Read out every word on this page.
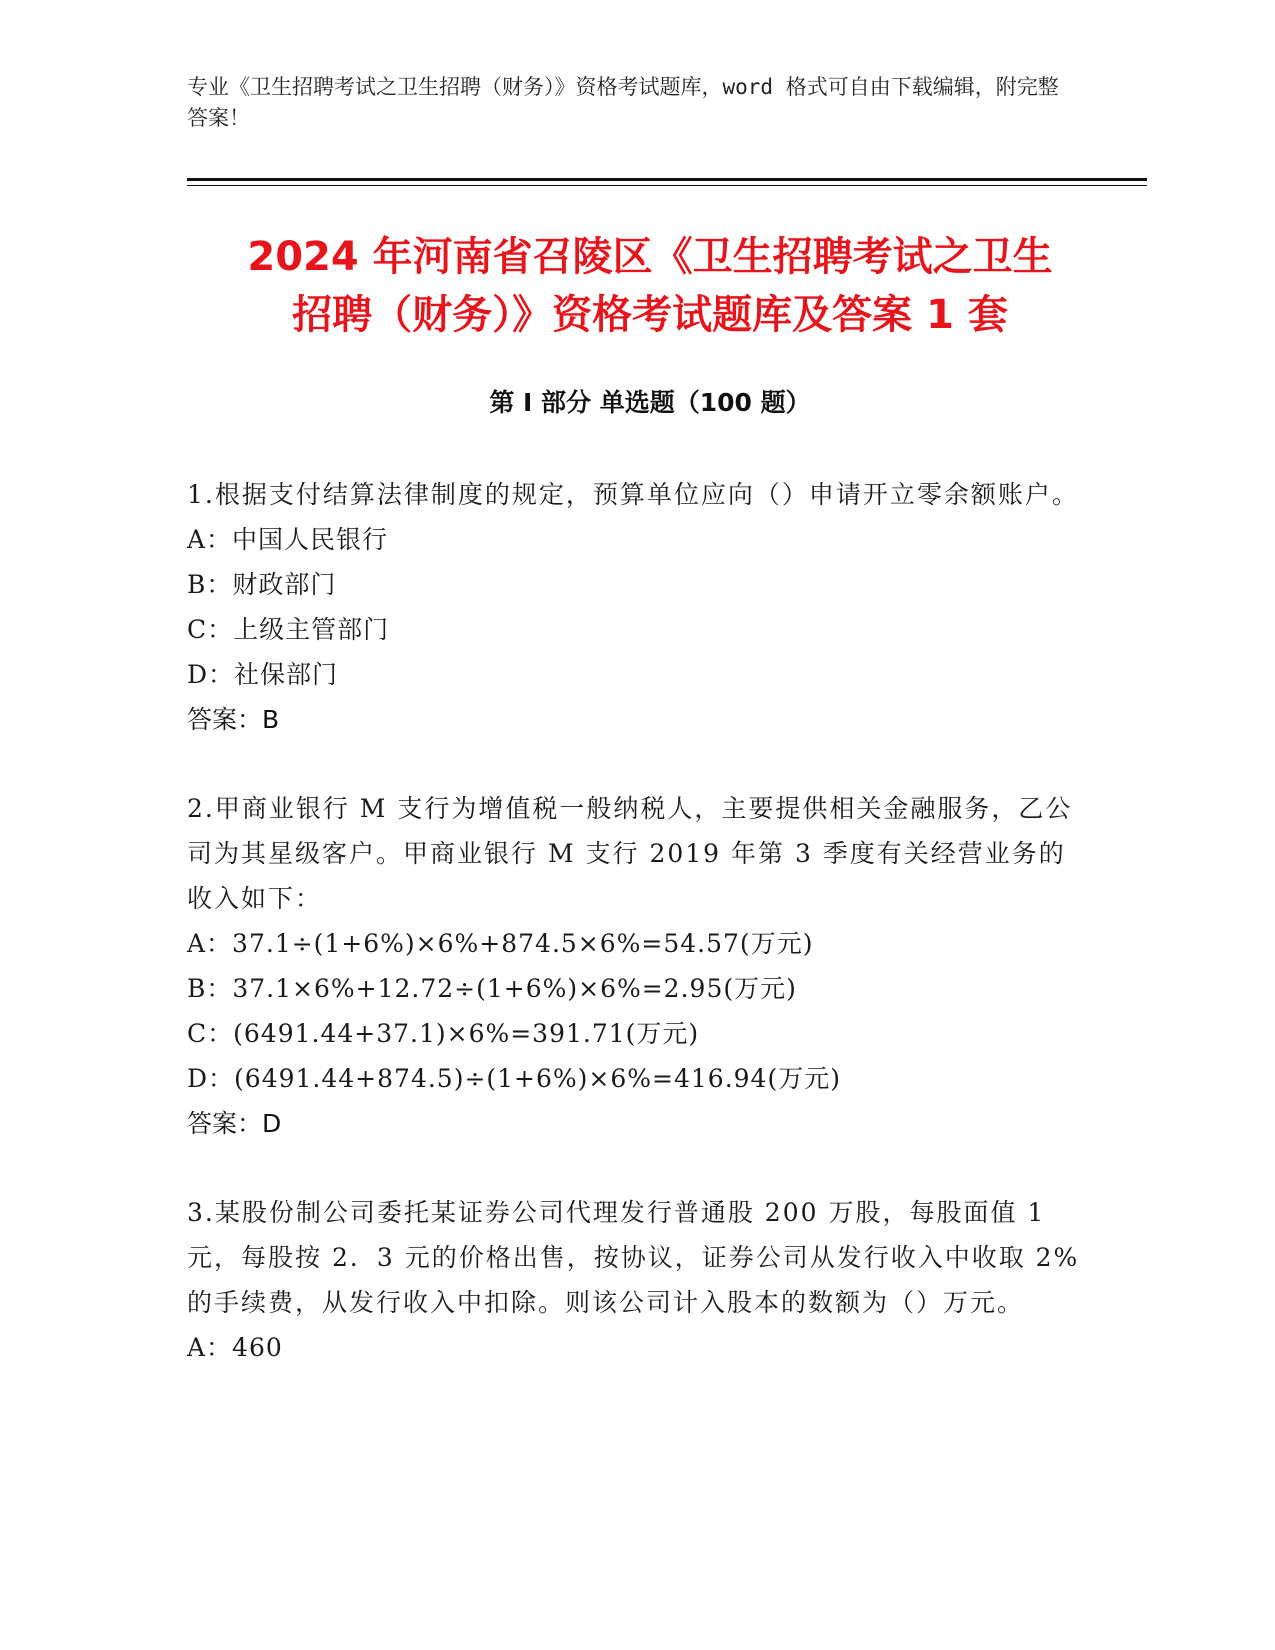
专业《卫生招聘考试之卫生招聘（财务）》资格考试题库，word 格式可自由下载编辑，附完整答案！
2024 年河南省召陵区《卫生招聘考试之卫生
招聘（财务）》资格考试题库及答案 1 套
第 I 部分 单选题（100 题）
1.根据支付结算法律制度的规定，预算单位应向（）申请开立零余额账户。
A：中国人民银行
B：财政部门
C：上级主管部门
D：社保部门
答案：B
2.甲商业银行 M 支行为增值税一般纳税人，主要提供相关金融服务，乙公司为其星级客户。甲商业银行 M 支行 2019 年第 3 季度有关经营业务的收入如下：
A：37.1÷(1+6%)×6%+874.5×6%=54.57(万元)
B：37.1×6%+12.72÷(1+6%)×6%=2.95(万元)
C：(6491.44+37.1)×6%=391.71(万元)
D：(6491.44+874.5)÷(1+6%)×6%=416.94(万元)
答案：D
3.某股份制公司委托某证券公司代理发行普通股 200 万股，每股面值 1 元，每股按 2．3 元的价格出售，按协议，证券公司从发行收入中收取 2%的手续费，从发行收入中扣除。则该公司计入股本的数额为（）万元。
A：460
